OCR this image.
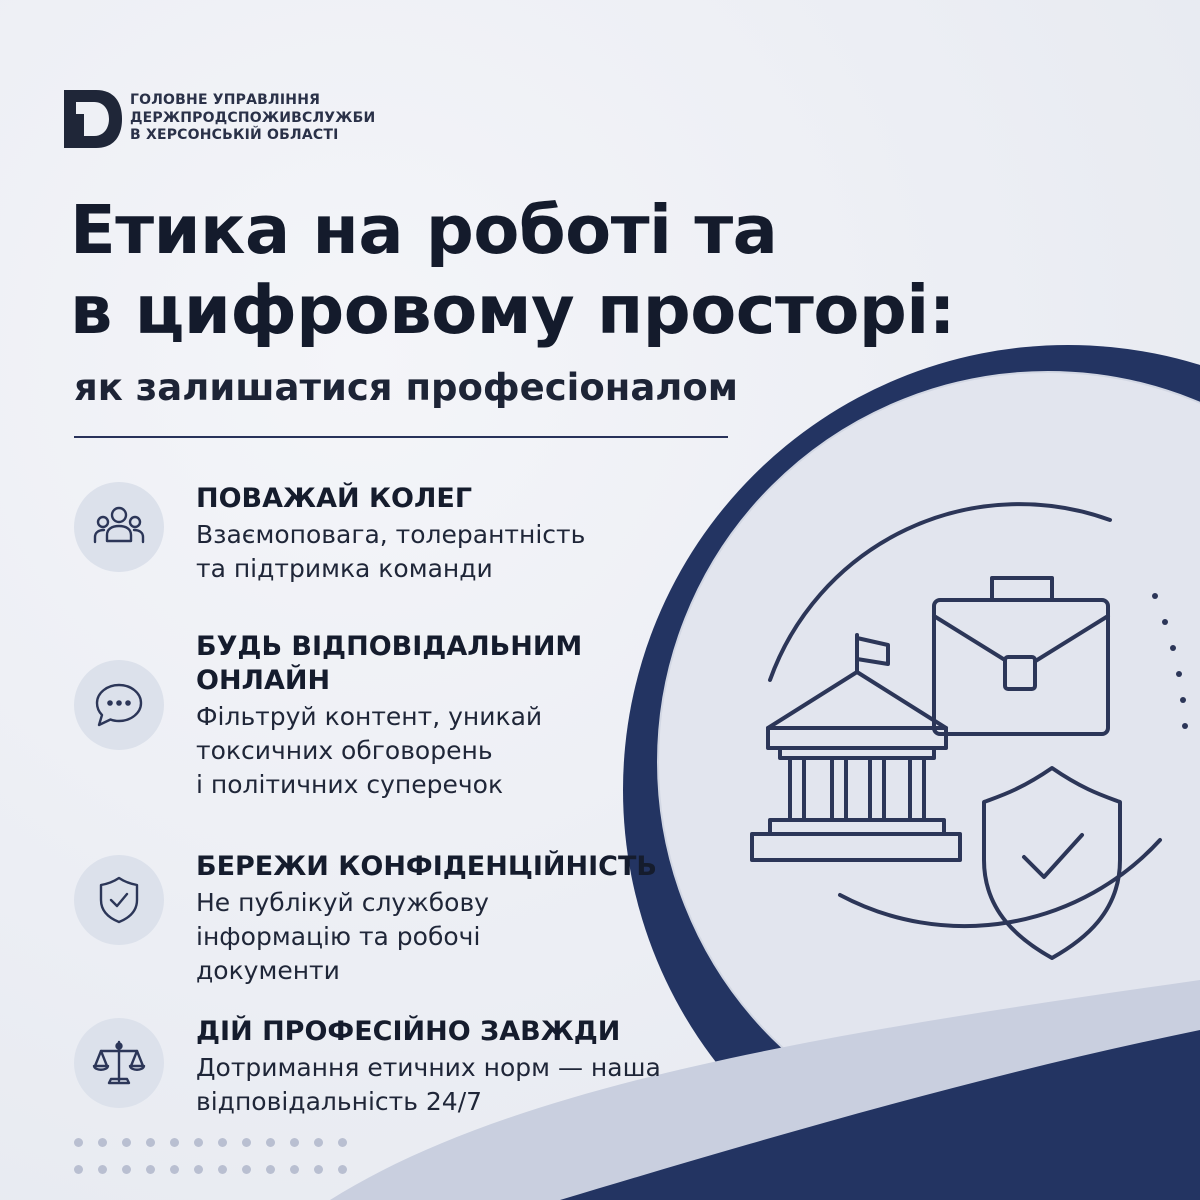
ГОЛОВНЕ УПРАВЛІННЯ
ДЕРЖПРОДСПОЖИВСЛУЖБИ
В ХЕРСОНСЬКІЙ ОБЛАСТІ
Етика на роботі та
в цифровому просторі:
як залишатися професіоналом
ПОВАЖАЙ КОЛЕГ
Взаємоповага, толерантність
та підтримка команди
БУДЬ ВІДПОВІДАЛЬНИМ
ОНЛАЙН
Фільтруй контент, уникай
токсичних обговорень
і політичних суперечок
БЕРЕЖИ КОНФІДЕНЦІЙНІСТЬ
Не публікуй службову
інформацію та робочі
документи
ДІЙ ПРОФЕСІЙНО ЗАВЖДИ
Дотримання етичних норм — наша
відповідальність 24/7
